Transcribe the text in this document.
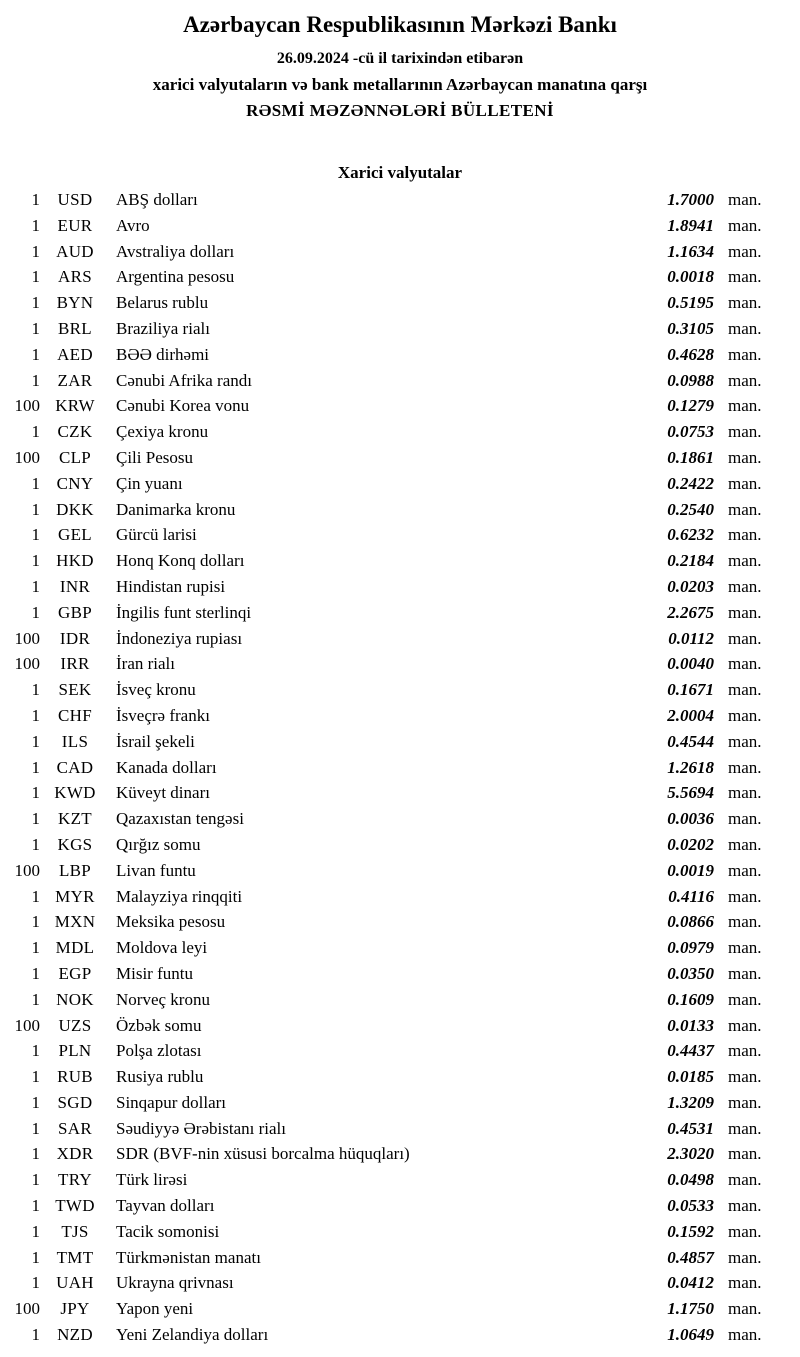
Azərbaycan Respublikasının Mərkəzi Bankı
26.09.2024 -cü il tarixindən etibarən
xarici valyutaların və bank metallarının Azərbaycan manatına qarşı
RƏSMİ MƏZƏNNƏLƏRİ BÜLLETENİ
Xarici valyutalar
1	USD	ABŞ dolları	1.7000 man.
1	EUR	Avro	1.8941 man.
1 AUD	Avstraliya dolları	1.1634 man.
1	ARS	Argentina pesosu	0.0018 man.
1 BYN	Belarus rublu	0.5195 man.
1	BRL	Braziliya rialı	0.3105 man.
1	AED	BƏƏ dirhəmi	0.4628 man.
1	ZAR	Cənubi Afrika randı	0.0988 man.
100 KRW	Cənubi Korea vonu	0.1279 man.
1	CZK	Çexiya kronu	0.0753 man.
100	CLP	Çili Pesosu	0.1861 man.
1 CNY	Çin yuanı	0.2422 man.
1 DKK	Danimarka kronu	0.2540 man.
1	GEL	Gürcü larisi	0.6232 man.
1 HKD	Honq Konq dolları	0.2184 man.
1	INR	Hindistan rupisi	0.0203 man.
1	GBP	İngilis funt sterlinqi	2.2675 man.
100	IDR	İndoneziya rupiası	0.0112 man.
100	IRR	İran rialı	0.0040 man.
1	SEK	İsveç kronu	0.1671 man.
1	CHF	İsveçrə frankı	2.0004 man.
1	ILS	İsrail şekeli	0.4544 man.
1 CAD	Kanada dolları	1.2618 man.
1 KWD	Küveyt dinarı	5.5694 man.
1	KZT	Qazaxıstan tengəsi	0.0036 man.
1	KGS	Qırğız somu	0.0202 man.
100	LBP	Livan funtu	0.0019 man.
1 MYR	Malayziya rinqqiti	0.4116 man.
1 MXN	Meksika pesosu	0.0866 man.
1 MDL	Moldova leyi	0.0979 man.
1	EGP	Misir funtu	0.0350 man.
1 NOK	Norveç kronu	0.1609 man.
100	UZS	Özbək somu	0.0133 man.
1	PLN	Polşa zlotası	0.4437 man.
1	RUB	Rusiya rublu	0.0185 man.
1	SGD	Sinqapur dolları	1.3209 man.
1	SAR	Səudiyyə Ərəbistanı rialı	0.4531 man.
1 XDR	SDR (BVF-nin xüsusi borcalma hüquqları)	2.3020 man.
1	TRY	Türk lirəsi	0.0498 man.
1 TWD	Tayvan dolları	0.0533 man.
1	TJS	Tacik somonisi	0.1592 man.
1 TMT	Türkmənistan manatı	0.4857 man.
1 UAH	Ukrayna qrivnası	0.0412 man.
100	JPY	Yapon yeni	1.1750 man.
1	NZD	Yeni Zelandiya dolları	1.0649 man.
